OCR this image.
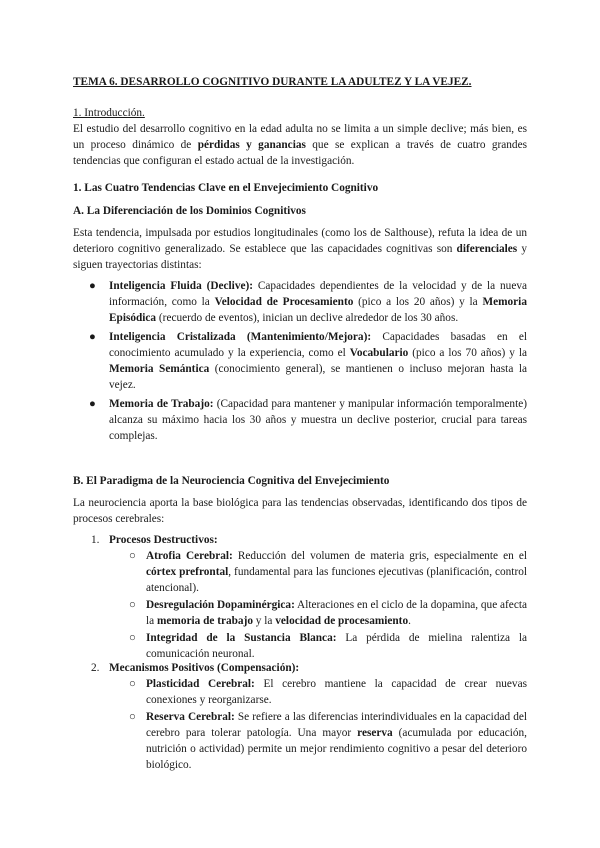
TEMA 6. DESARROLLO COGNITIVO DURANTE LA ADULTEZ Y LA VEJEZ.
1. Introducción.
El estudio del desarrollo cognitivo en la edad adulta no se limita a un simple declive; más bien, es un proceso dinámico de pérdidas y ganancias que se explican a través de cuatro grandes tendencias que configuran el estado actual de la investigación.
1. Las Cuatro Tendencias Clave en el Envejecimiento Cognitivo
A. La Diferenciación de los Dominios Cognitivos
Esta tendencia, impulsada por estudios longitudinales (como los de Salthouse), refuta la idea de un deterioro cognitivo generalizado. Se establece que las capacidades cognitivas son diferenciales y siguen trayectorias distintas:
● Inteligencia Fluida (Declive): Capacidades dependientes de la velocidad y de la nueva información, como la Velocidad de Procesamiento (pico a los 20 años) y la Memoria Episódica (recuerdo de eventos), inician un declive alrededor de los 30 años.
● Inteligencia Cristalizada (Mantenimiento/Mejora): Capacidades basadas en el conocimiento acumulado y la experiencia, como el Vocabulario (pico a los 70 años) y la Memoria Semántica (conocimiento general), se mantienen o incluso mejoran hasta la vejez.
● Memoria de Trabajo: (Capacidad para mantener y manipular información temporalmente) alcanza su máximo hacia los 30 años y muestra un declive posterior, crucial para tareas complejas.
B. El Paradigma de la Neurociencia Cognitiva del Envejecimiento
La neurociencia aporta la base biológica para las tendencias observadas, identificando dos tipos de procesos cerebrales:
1. Procesos Destructivos:
○ Atrofia Cerebral: Reducción del volumen de materia gris, especialmente en el córtex prefrontal, fundamental para las funciones ejecutivas (planificación, control atencional).
○ Desregulación Dopaminérgica: Alteraciones en el ciclo de la dopamina, que afecta la memoria de trabajo y la velocidad de procesamiento.
○ Integridad de la Sustancia Blanca: La pérdida de mielina ralentiza la comunicación neuronal.
2. Mecanismos Positivos (Compensación):
○ Plasticidad Cerebral: El cerebro mantiene la capacidad de crear nuevas conexiones y reorganizarse.
○ Reserva Cerebral: Se refiere a las diferencias interindividuales en la capacidad del cerebro para tolerar patología. Una mayor reserva (acumulada por educación, nutrición o actividad) permite un mejor rendimiento cognitivo a pesar del deterioro biológico.
